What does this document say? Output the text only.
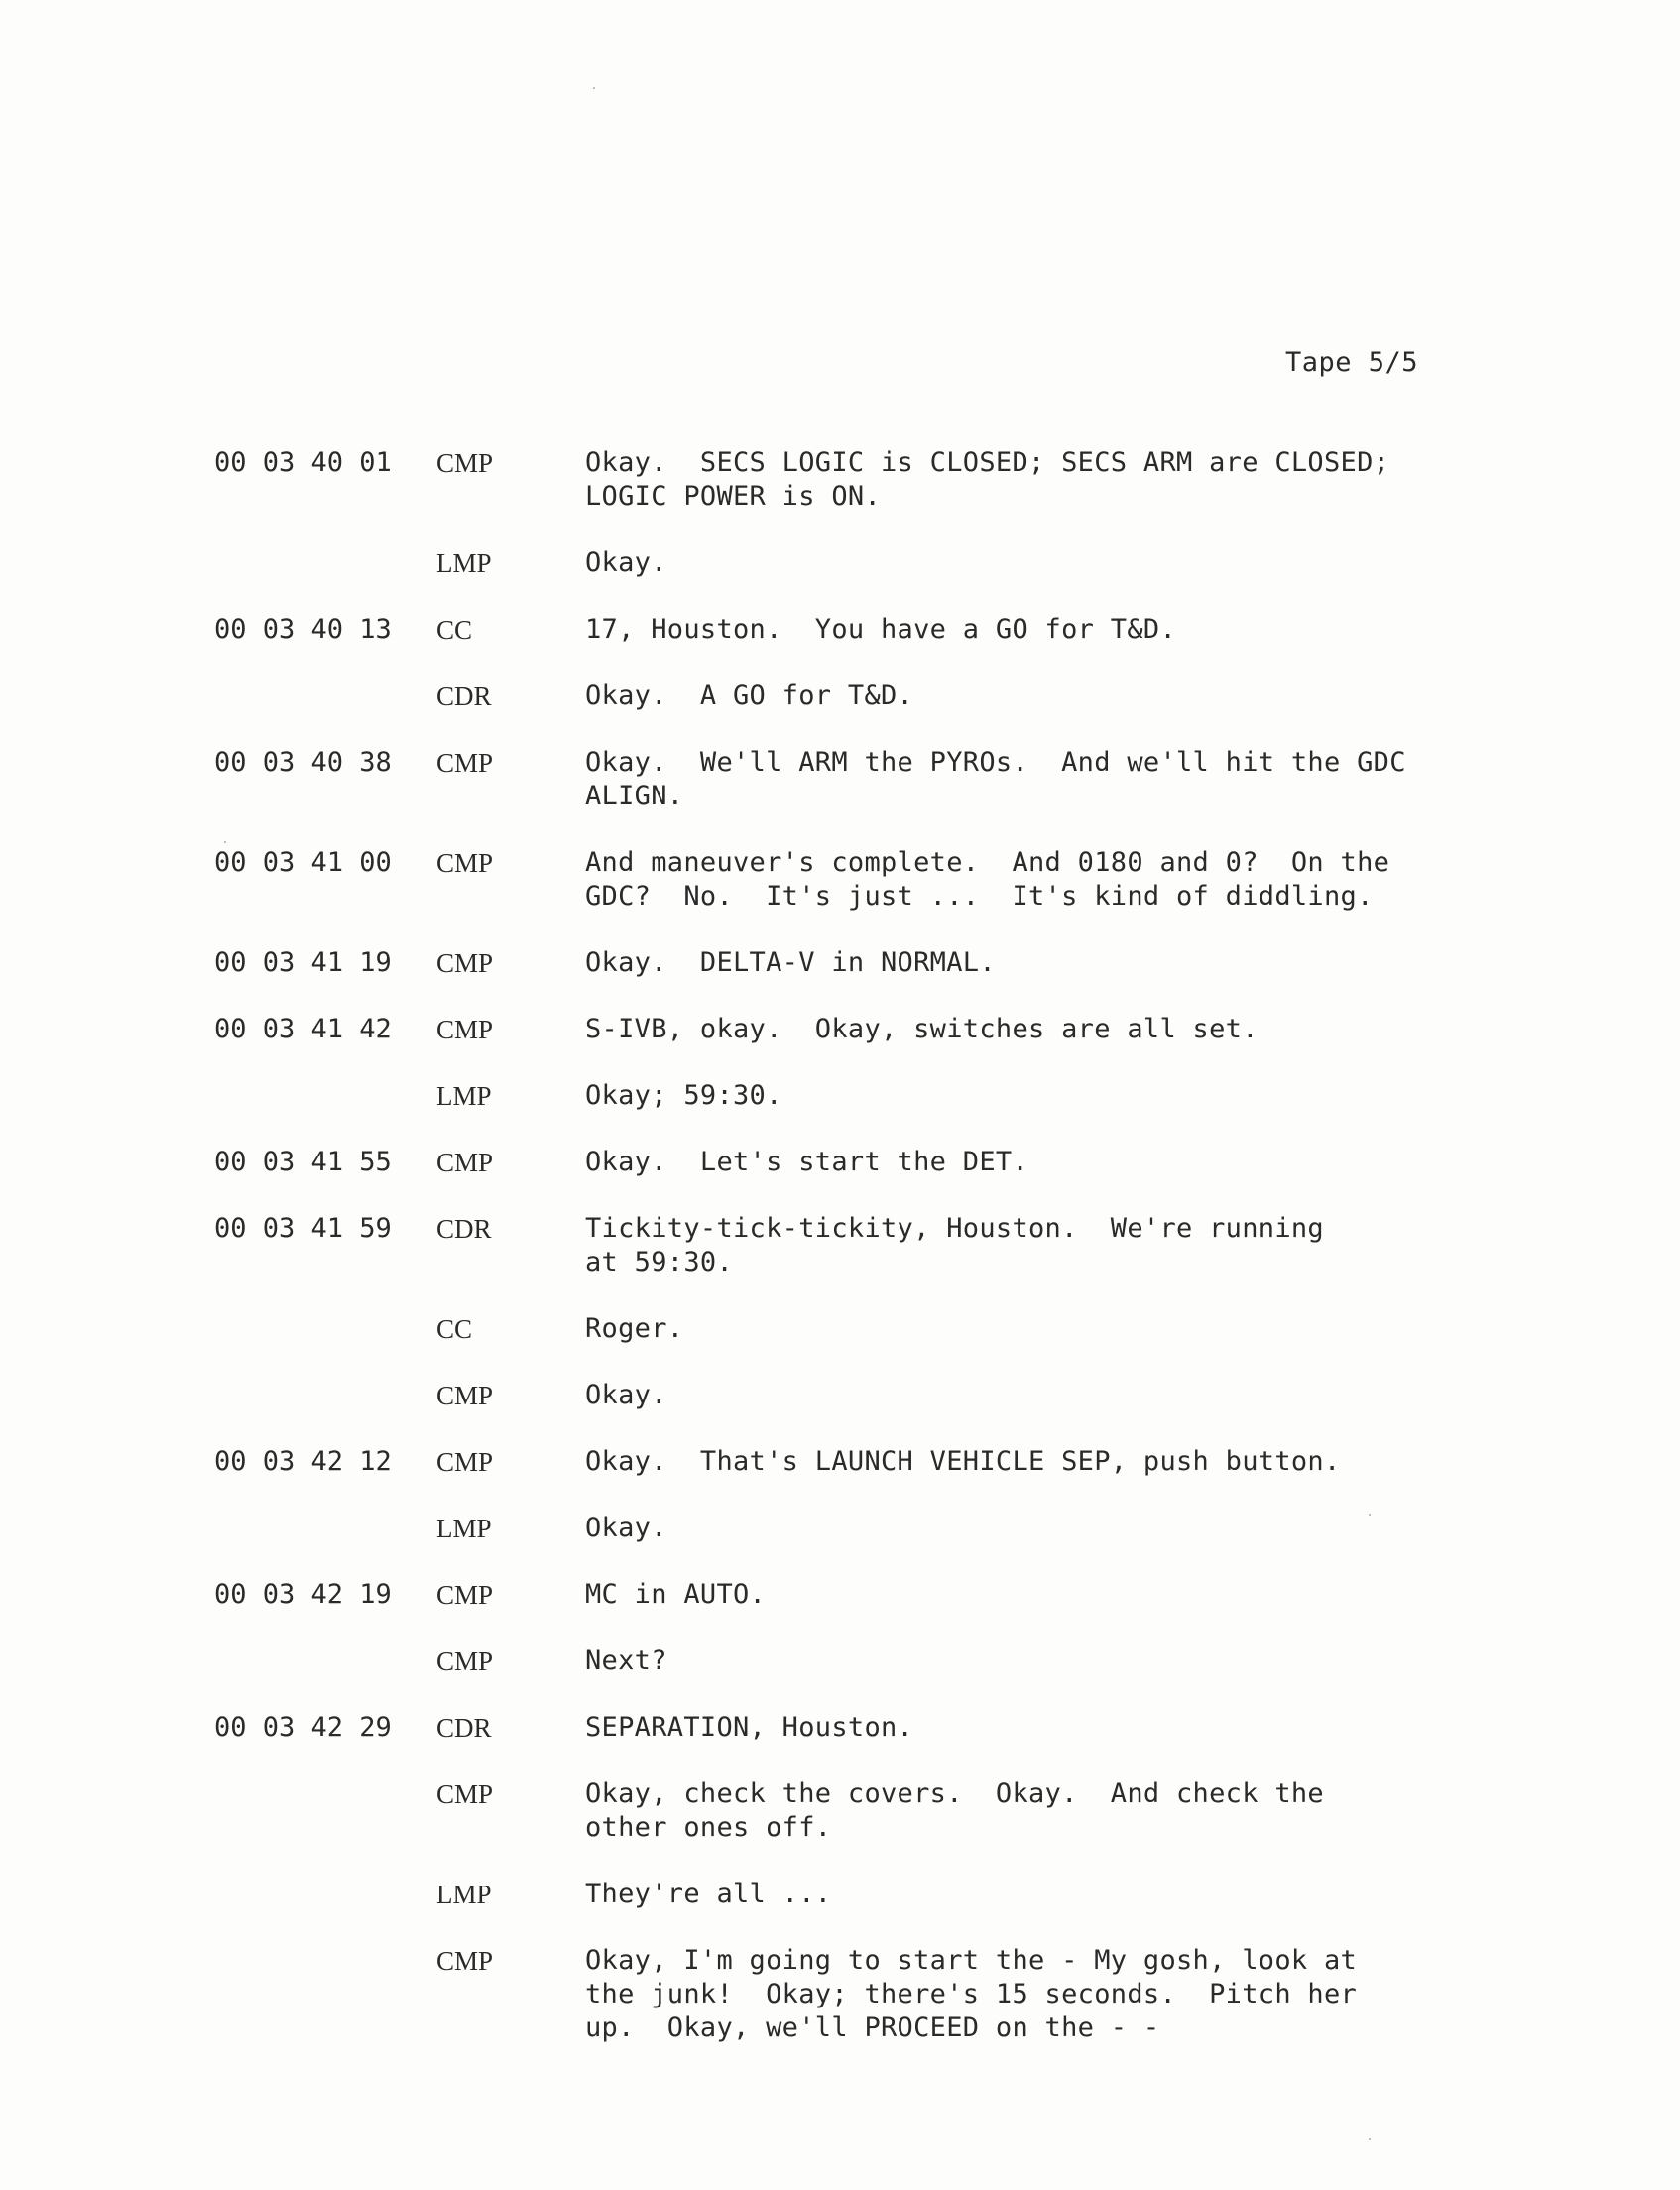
Tape 5/5
00 03 40 01	CMP	Okay.  SECS LOGIC is CLOSED; SECS ARM are CLOSED;
LOGIC POWER is ON.
LMP	Okay.
00 03 40 13	CC	17, Houston.  You have a GO for T&D.
CDR	Okay.  A GO for T&D.
00 03 40 38	CMP	Okay.  We'll ARM the PYROs.  And we'll hit the GDC
ALIGN.
00 03 41 00	CMP	And maneuver's complete.  And 0180 and 0?  On the
GDC?  No.  It's just ...  It's kind of diddling.
00 03 41 19	CMP	Okay.  DELTA-V in NORMAL.
00 03 41 42	CMP	S-IVB, okay.  Okay, switches are all set.
LMP	Okay; 59:30.
00 03 41 55	CMP	Okay.  Let's start the DET.
00 03 41 59	CDR	Tickity-tick-tickity, Houston.  We're running
at 59:30.
CC	Roger.
CMP	Okay.
00 03 42 12	CMP	Okay.  That's LAUNCH VEHICLE SEP, push button.
LMP	Okay.
00 03 42 19	CMP	MC in AUTO.
CMP	Next?
00 03 42 29	CDR	SEPARATION, Houston.
CMP	Okay, check the covers.  Okay.  And check the
other ones off.
LMP	They're all ...
CMP	Okay, I'm going to start the - My gosh, look at
the junk!  Okay; there's 15 seconds.  Pitch her
up.  Okay, we'll PROCEED on the - -
